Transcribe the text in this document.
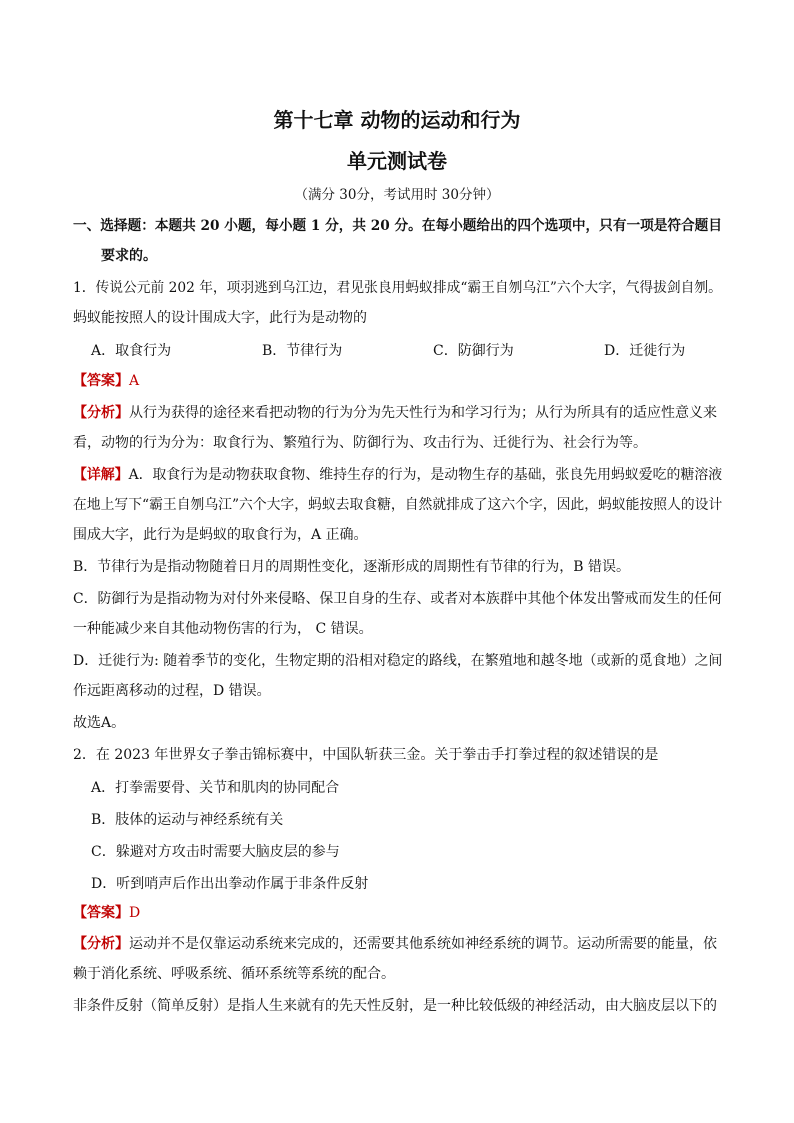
第十七章 动物的运动和行为
单元测试卷
（满分 30分，考试用时 30分钟）
一、选择题：本题共 20 小题，每小题 1 分，共 20 分。在每小题给出的四个选项中，只有一项是符合题目
要求的。
1．传说公元前 202 年，项羽逃到乌江边，君见张良用蚂蚁排成“霸王自刎乌江”六个大字，气得拔剑自刎。
蚂蚁能按照人的设计围成大字，此行为是动物的
A．取食行为	B．节律行为	C．防御行为	D．迁徙行为
【答案】A
【分析】从行为获得的途径来看把动物的行为分为先天性行为和学习行为；从行为所具有的适应性意义来
看，动物的行为分为：取食行为、繁殖行为、防御行为、攻击行为、迁徙行为、社会行为等。
【详解】A．取食行为是动物获取食物、维持生存的行为，是动物生存的基础，张良先用蚂蚁爱吃的糖溶液
在地上写下“霸王自刎乌江”六个大字，蚂蚁去取食糖，自然就排成了这六个字，因此，蚂蚁能按照人的设计
围成大字，此行为是蚂蚁的取食行为，A 正确。
B．节律行为是指动物随着日月的周期性变化，逐渐形成的周期性有节律的行为，B 错误。
C．防御行为是指动物为对付外来侵略、保卫自身的生存、或者对本族群中其他个体发出警戒而发生的任何
一种能减少来自其他动物伤害的行为， C 错误。
D．迁徙行为: 随着季节的变化，生物定期的沿相对稳定的路线，在繁殖地和越冬地（或新的觅食地）之间
作远距离移动的过程，D 错误。
故选A。
2．在 2023 年世界女子拳击锦标赛中，中国队斩获三金。关于拳击手打拳过程的叙述错误的是
A．打拳需要骨、关节和肌肉的协同配合
B．肢体的运动与神经系统有关
C．躲避对方攻击时需要大脑皮层的参与
D．听到哨声后作出出拳动作属于非条件反射
【答案】D
【分析】运动并不是仅靠运动系统来完成的，还需要其他系统如神经系统的调节。运动所需要的能量，依
赖于消化系统、呼吸系统、循环系统等系统的配合。
非条件反射（简单反射）是指人生来就有的先天性反射，是一种比较低级的神经活动，由大脑皮层以下的
